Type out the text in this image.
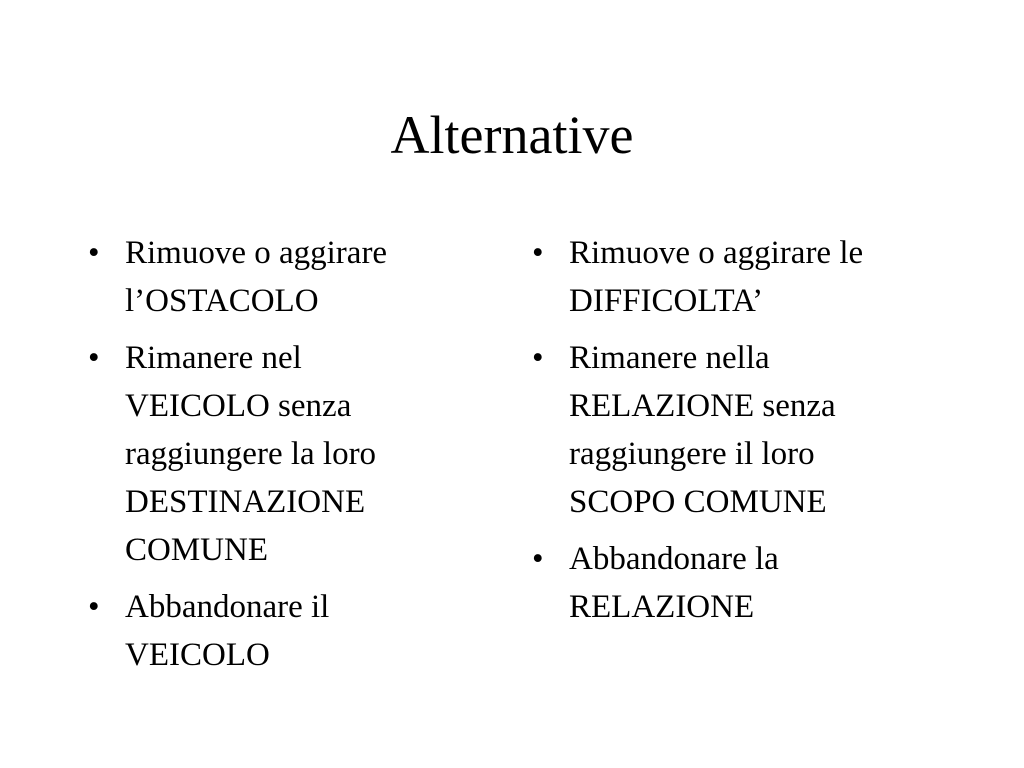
Alternative
• Rimuove o aggirare
l’OSTACOLO
• Rimanere nel
VEICOLO senza
raggiungere la loro
DESTINAZIONE
COMUNE
• Abbandonare il
VEICOLO
• Rimuove o aggirare le
DIFFICOLTA’
• Rimanere nella
RELAZIONE senza
raggiungere il loro
SCOPO COMUNE
• Abbandonare la
RELAZIONE
